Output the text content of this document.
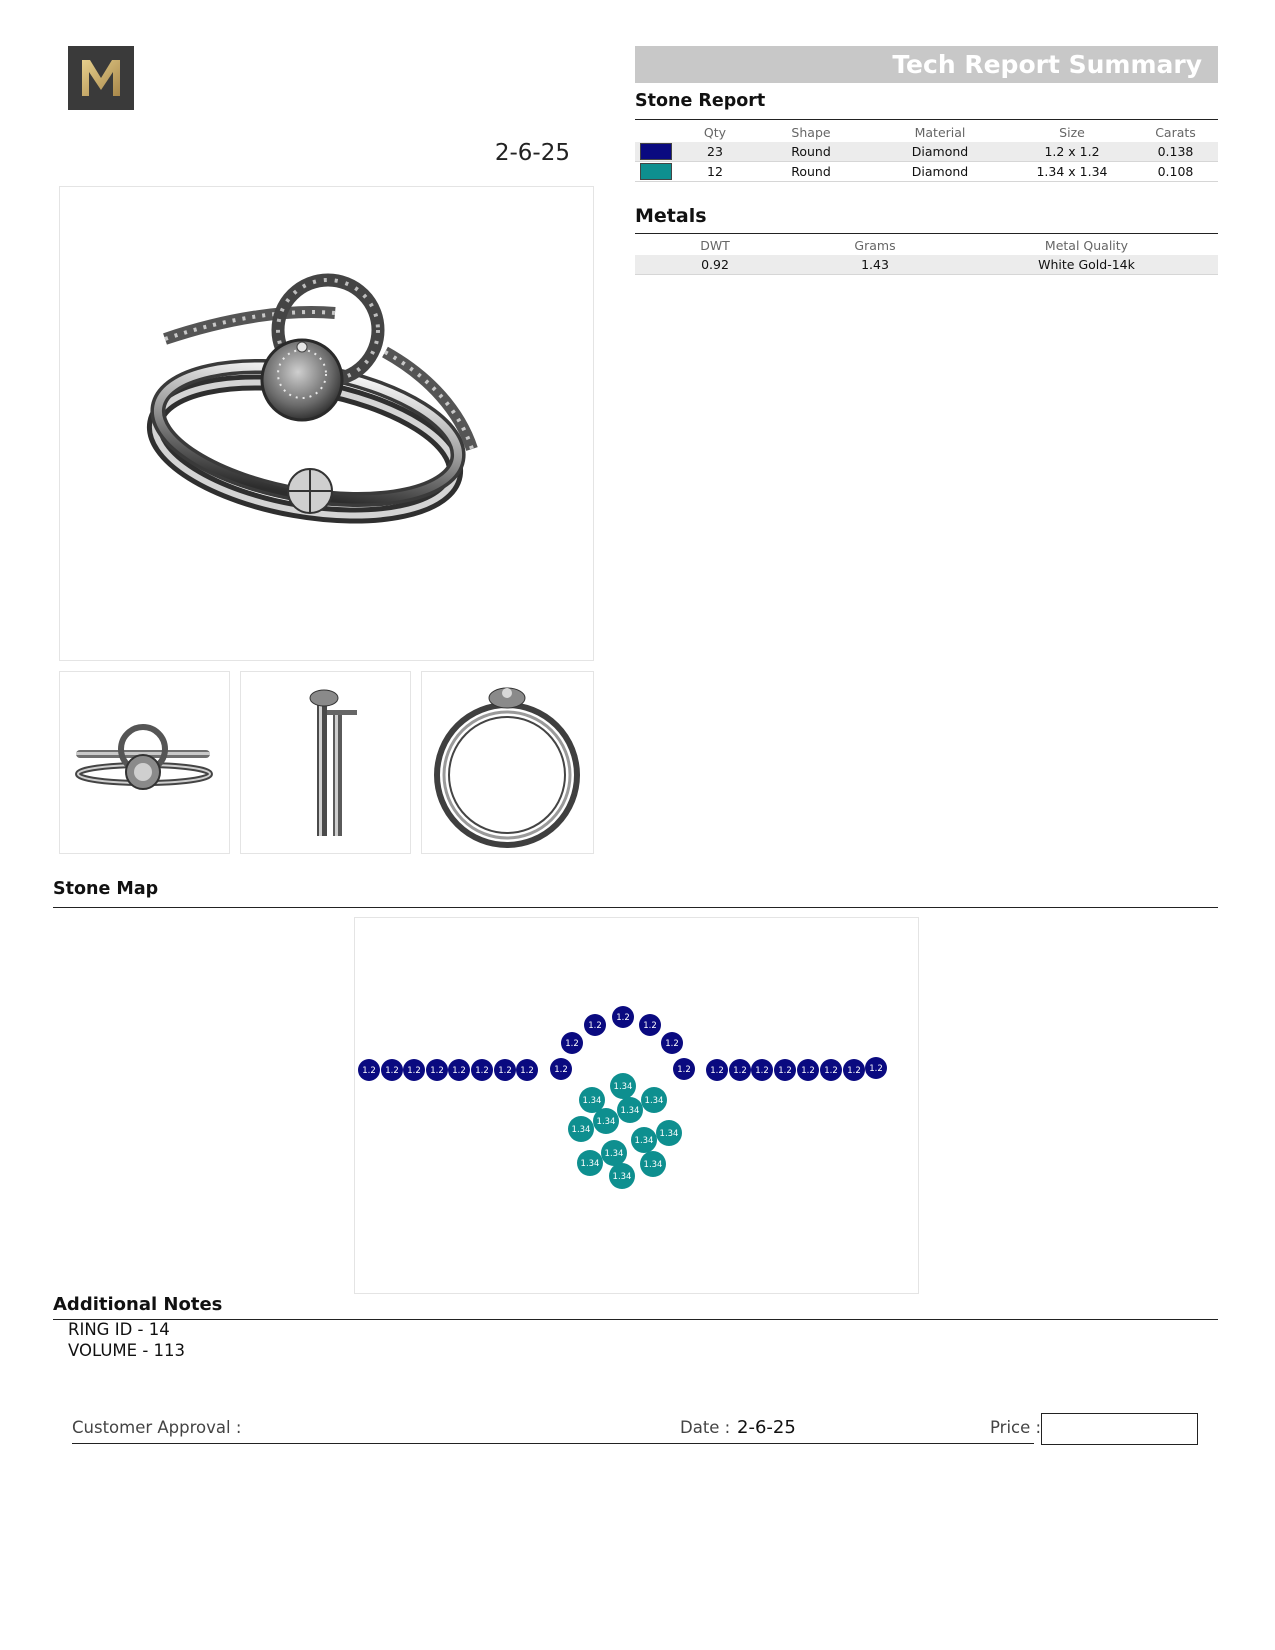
2-6-25
Tech Report Summary
Stone Report
	Qty	Shape	Material	Size	Carats

	23	Round	Diamond	1.2 x 1.2	0.138

	12	Round	Diamond	1.34 x 1.34	0.108
Metals
DWT	Grams	Metal Quality
0.92	1.43	White Gold-14k
Stone Map
1.2 1.2 1.2 1.2 1.2 1.2 1.2 1.2 1.2
1.2
1.2
1.2
1.2
1.2
1.2 1.2 1.2 1.2 1.2 1.2 1.2 1.2 1.2
1.34
1.34	1.34
1.34
1.34
1.34	1.34
1.34
1.34
1.34	1.34
1.34
Additional Notes
RING ID - 14
VOLUME - 113
Customer Approval :	Date : 2-6-25	Price :
